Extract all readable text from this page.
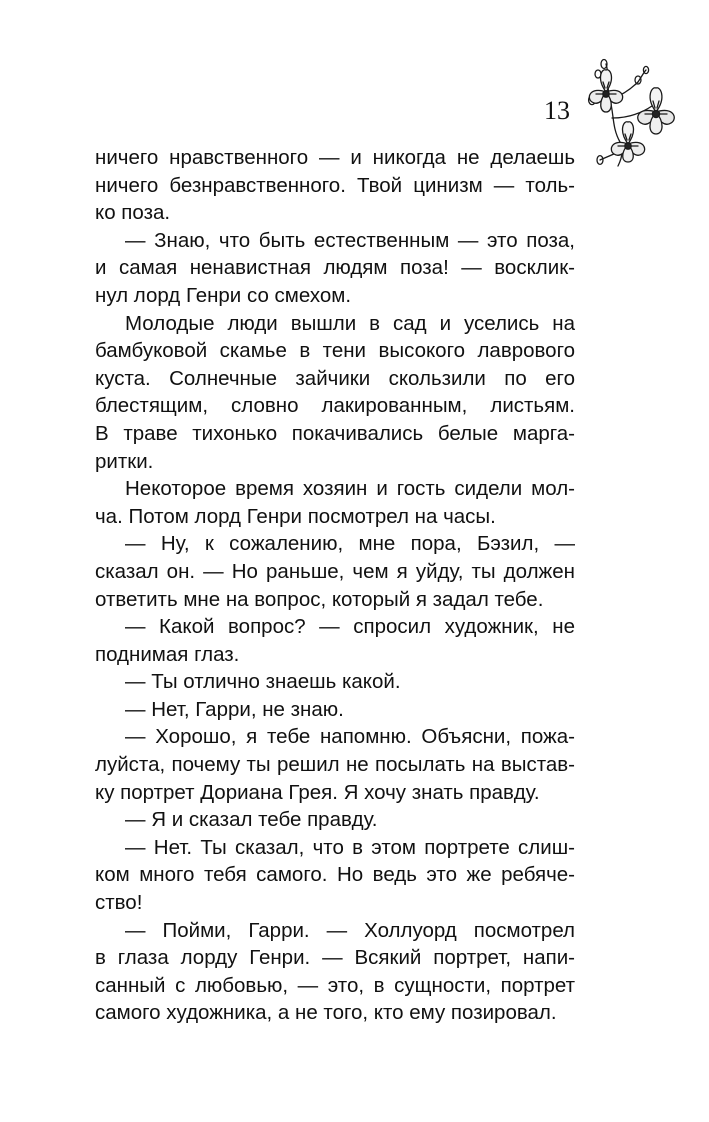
13
ничего нравственного — и никогда не делаешь
ничего безнравственного. Твой цинизм — толь-
ко поза.
— Знаю, что быть естественным — это поза,
и самая ненавистная людям поза! — восклик-
нул лорд Генри со смехом.
Молодые люди вышли в сад и уселись на
бамбуковой скамье в тени высокого лаврового
куста. Солнечные зайчики скользили по его
блестящим, словно лакированным, листьям.
В траве тихонько покачивались белые марга-
ритки.
Некоторое время хозяин и гость сидели мол-
ча. Потом лорд Генри посмотрел на часы.
— Ну, к сожалению, мне пора, Бэзил, —
сказал он. — Но раньше, чем я уйду, ты должен
ответить мне на вопрос, который я задал тебе.
— Какой вопрос? — спросил художник, не
поднимая глаз.
— Ты отлично знаешь какой.
— Нет, Гарри, не знаю.
— Хорошо, я тебе напомню. Объясни, пожа-
луйста, почему ты решил не посылать на выстав-
ку портрет Дориана Грея. Я хочу знать правду.
— Я и сказал тебе правду.
— Нет. Ты сказал, что в этом портрете слиш-
ком много тебя самого. Но ведь это же ребяче-
ство!
— Пойми, Гарри. — Холлуорд посмотрел
в глаза лорду Генри. — Всякий портрет, напи-
санный с любовью, — это, в сущности, портрет
самого художника, а не того, кто ему позировал.
